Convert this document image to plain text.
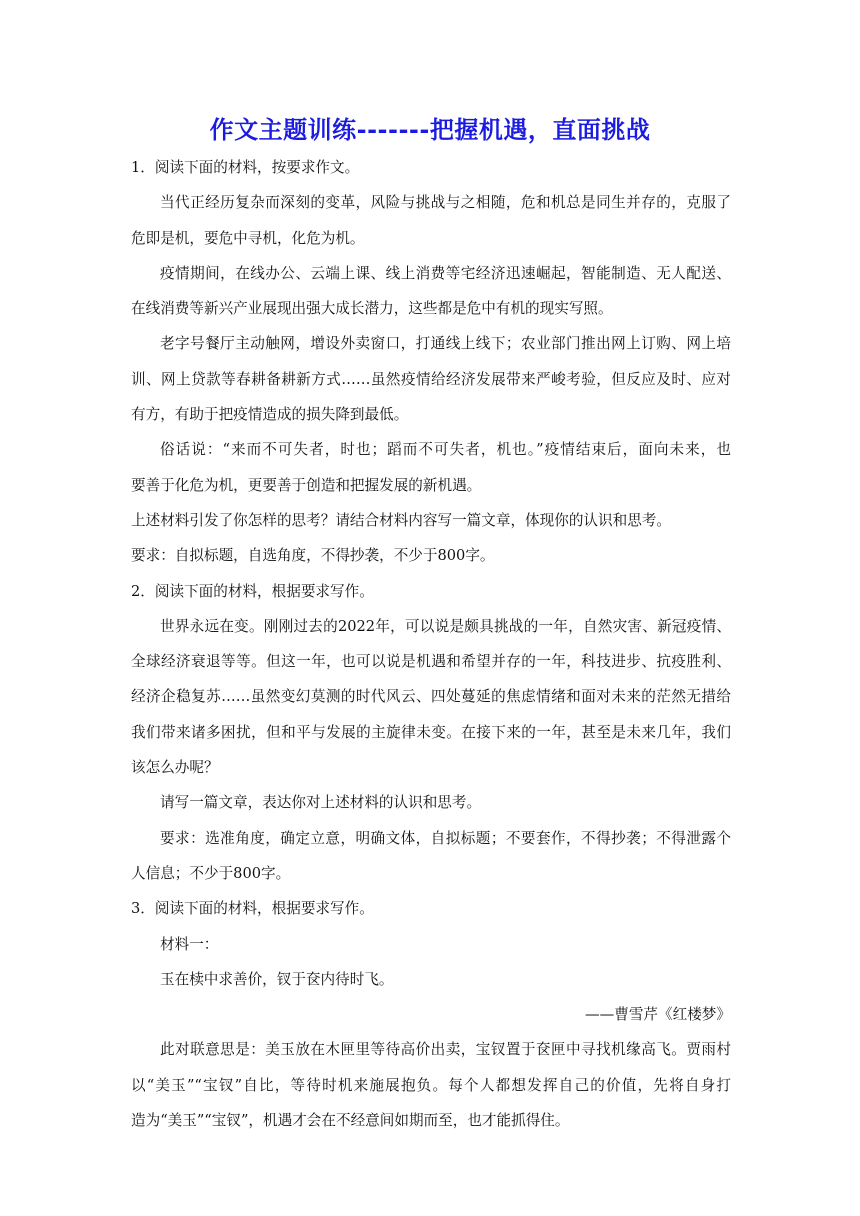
作文主题训练-------把握机遇，直面挑战
1．阅读下面的材料，按要求作文。
当代正经历复杂而深刻的变革，风险与挑战与之相随，危和机总是同生并存的，克服了
危即是机，要危中寻机，化危为机。
疫情期间，在线办公、云端上课、线上消费等宅经济迅速崛起，智能制造、无人配送、
在线消费等新兴产业展现出强大成长潜力，这些都是危中有机的现实写照。
老字号餐厅主动触网，增设外卖窗口，打通线上线下；农业部门推出网上订购、网上培
训、网上贷款等春耕备耕新方式……虽然疫情给经济发展带来严峻考验，但反应及时、应对
有方，有助于把疫情造成的损失降到最低。
俗话说：“来而不可失者，时也；蹈而不可失者，机也。”疫情结束后，面向未来，也
要善于化危为机，更要善于创造和把握发展的新机遇。
上述材料引发了你怎样的思考？请结合材料内容写一篇文章，体现你的认识和思考。
要求：自拟标题，自选角度，不得抄袭，不少于800字。
2．阅读下面的材料，根据要求写作。
世界永远在变。刚刚过去的2022年，可以说是颇具挑战的一年，自然灾害、新冠疫情、
全球经济衰退等等。但这一年，也可以说是机遇和希望并存的一年，科技进步、抗疫胜利、
经济企稳复苏……虽然变幻莫测的时代风云、四处蔓延的焦虑情绪和面对未来的茫然无措给
我们带来诸多困扰，但和平与发展的主旋律未变。在接下来的一年，甚至是未来几年，我们
该怎么办呢？
请写一篇文章，表达你对上述材料的认识和思考。
要求：选准角度，确定立意，明确文体，自拟标题；不要套作，不得抄袭；不得泄露个
人信息；不少于800字。
3．阅读下面的材料，根据要求写作。
材料一：
玉在椟中求善价，钗于奁内待时飞。
——曹雪芹《红楼梦》
此对联意思是：美玉放在木匣里等待高价出卖，宝钗置于奁匣中寻找机缘高飞。贾雨村
以“美玉”“宝钗”自比，等待时机来施展抱负。每个人都想发挥自己的价值，先将自身打
造为“美玉”“宝钗”，机遇才会在不经意间如期而至，也才能抓得住。
